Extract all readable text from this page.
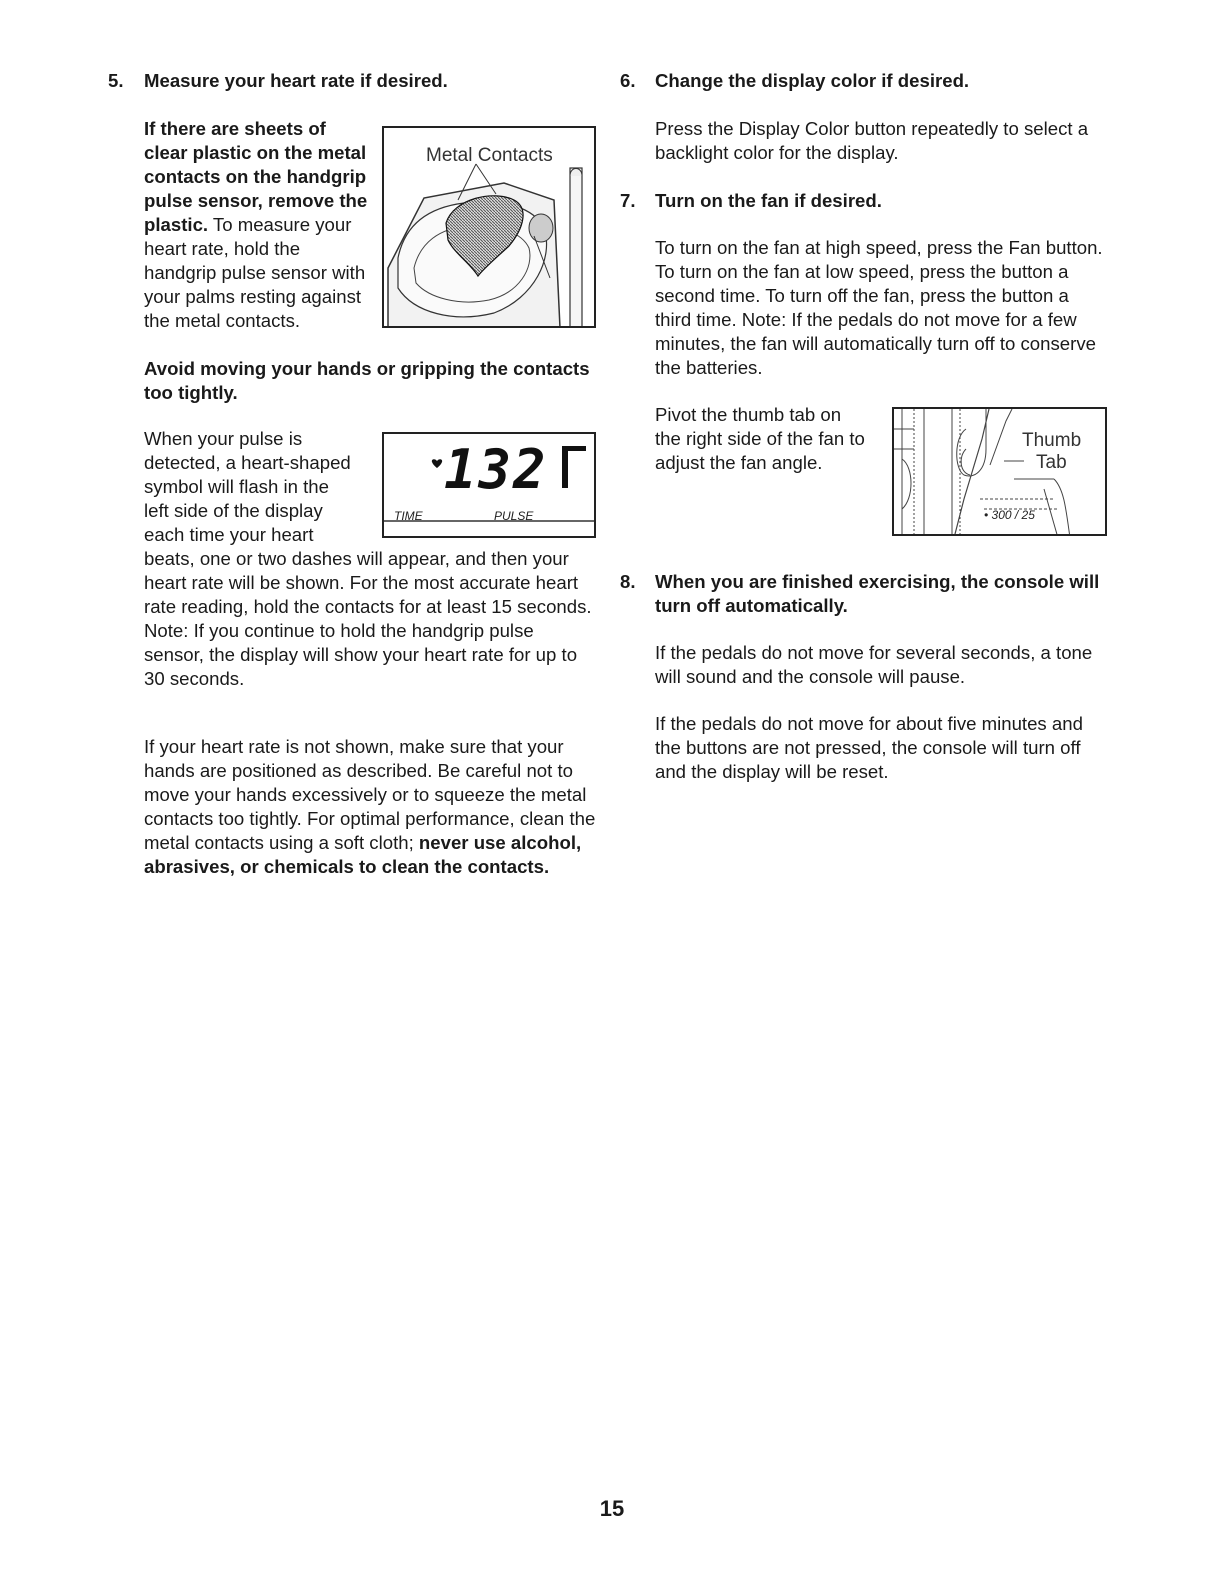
5. Measure your heart rate if desired.

If there are sheets of clear plastic on the metal contacts on the handgrip pulse sensor, remove the plastic. To measure your heart rate, hold the handgrip pulse sensor with your palms resting against the metal contacts.

Avoid moving your hands or gripping the contacts too tightly.
Metal Contacts

When your pulse is detected, a heart-shaped symbol will flash in the left side of the display each time your heart beats, one or two dashes will appear, and then your heart rate will be shown. For the most accurate heart rate reading, hold the contacts for at least 15 seconds. Note: If you continue to hold the handgrip pulse sensor, the display will show your heart rate for up to 30 seconds.

132
TIME	PULSE

If your heart rate is not shown, make sure that your hands are positioned as described. Be careful not to move your hands excessively or to squeeze the metal contacts too tightly. For optimal performance, clean the metal contacts using a soft cloth; never use alcohol, abrasives, or chemicals to clean the contacts.

6. Change the display color if desired.
Press the Display Color button repeatedly to select a backlight color for the display.
7. Turn on the fan if desired.
To turn on the fan at high speed, press the Fan button. To turn on the fan at low speed, press the button a second time. To turn off the fan, press the button a third time. Note: If the pedals do not move for a few minutes, the fan will automatically turn off to conserve the batteries.
Pivot the thumb tab on the right side of the fan to adjust the fan angle.
Thumb
Tab
• 300 / 25
8. When you are finished exercising, the console will turn off automatically.
If the pedals do not move for several seconds, a tone will sound and the console will pause.
If the pedals do not move for about five minutes and the buttons are not pressed, the console will turn off and the display will be reset.
15
